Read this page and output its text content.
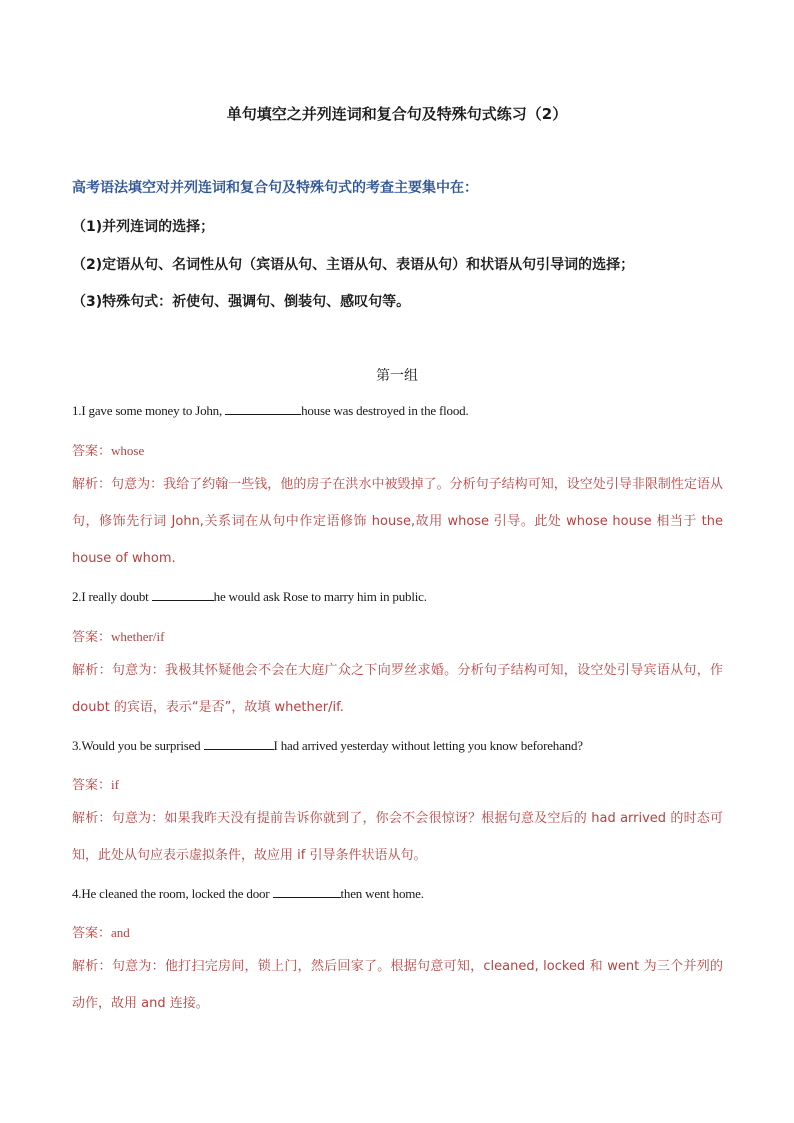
单句填空之并列连词和复合句及特殊句式练习（2）
高考语法填空对并列连词和复合句及特殊句式的考查主要集中在：
（1)并列连词的选择；
（2)定语从句、名词性从句（宾语从句、主语从句、表语从句）和状语从句引导词的选择；
（3)特殊句式：祈使句、强调句、倒装句、感叹句等。
第一组
1.I gave some money to John,	house was destroyed in the flood.
答案：whose
解析：句意为：我给了约翰一些钱，他的房子在洪水中被毁掉了。分析句子结构可知，设空处引导非限制性定语从句，修饰先行词 John,关系词在从句中作定语修饰 house,故用 whose 引导。此处 whose house 相当于 the house of whom.
2.I really doubt	he would ask Rose to marry him in public.
答案：whether/if
解析：句意为：我极其怀疑他会不会在大庭广众之下向罗丝求婚。分析句子结构可知，设空处引导宾语从句，作 doubt 的宾语，表示“是否”，故填 whether/if.
3.Would you be surprised	I had arrived yesterday without letting you know beforehand?
答案：if
解析：句意为：如果我昨天没有提前告诉你就到了，你会不会很惊讶？根据句意及空后的 had arrived 的时态可知，此处从句应表示虚拟条件，故应用 if 引导条件状语从句。
4.He cleaned the room, locked the door	then went home.
答案：and
解析：句意为：他打扫完房间，锁上门，然后回家了。根据句意可知，cleaned, locked 和 went 为三个并列的动作，故用 and 连接。
